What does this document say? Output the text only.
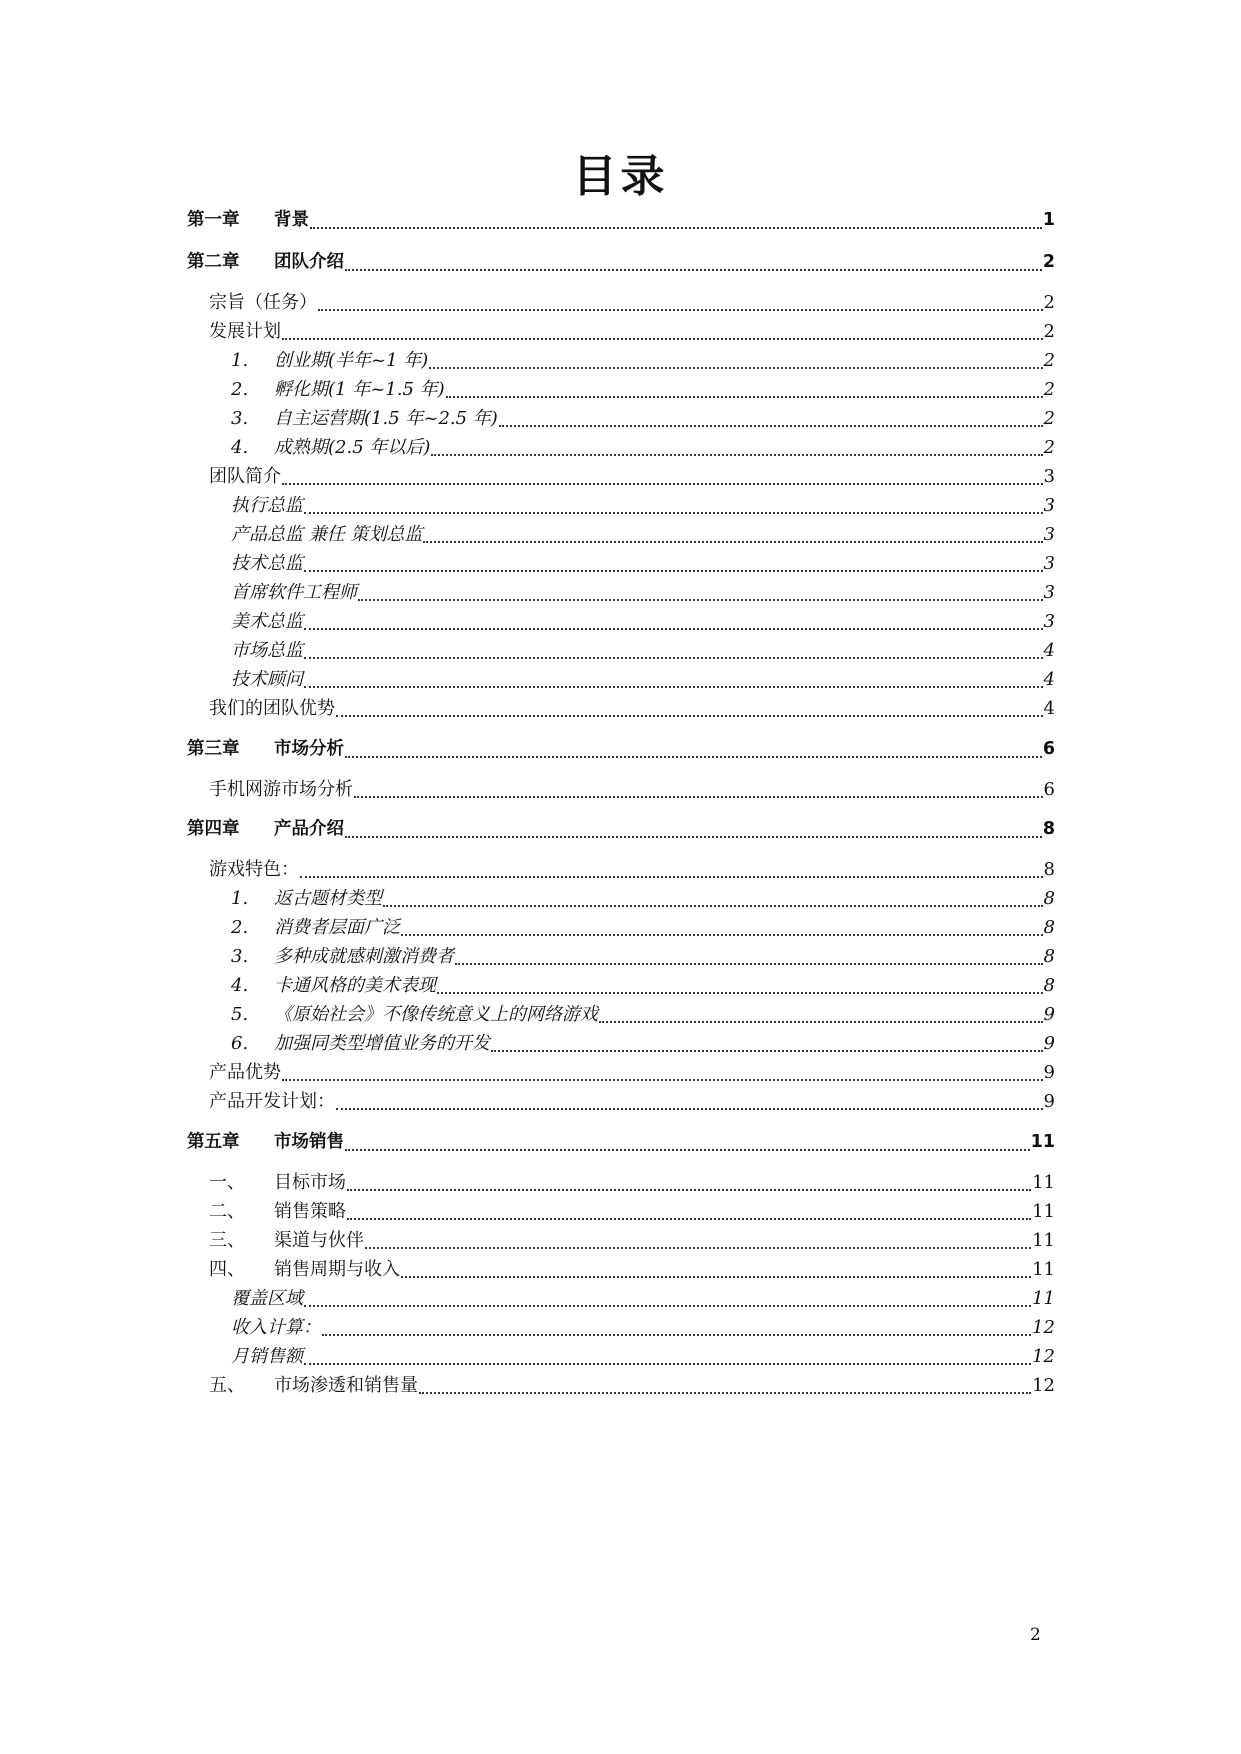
目录
第一章	背景	1
第二章	团队介绍	2
宗旨（任务）	2
发展计划	2
1.	创业期(半年~1 年)	2
2.	孵化期(1 年~1.5 年)	2
3.	自主运营期(1.5 年~2.5 年)	2
4.	成熟期(2.5 年以后)	2
团队简介	3
执行总监	3
产品总监 兼任 策划总监	3
技术总监	3
首席软件工程师	3
美术总监	3
市场总监	4
技术顾问	4
我们的团队优势	4
第三章	市场分析	6
手机网游市场分析	6
第四章	产品介绍	8
游戏特色：	8
1.	返古题材类型	8
2.	消费者层面广泛	8
3.	多种成就感刺激消费者	8
4.	卡通风格的美术表现	8
5.	《原始社会》不像传统意义上的网络游戏	9
6.	加强同类型增值业务的开发	9
产品优势	9
产品开发计划：	9
第五章	市场销售	11
一、	目标市场	11
二、	销售策略	11
三、	渠道与伙伴	11
四、	销售周期与收入	11
覆盖区域	11
收入计算：	12
月销售额	12
五、	市场渗透和销售量	12
2
